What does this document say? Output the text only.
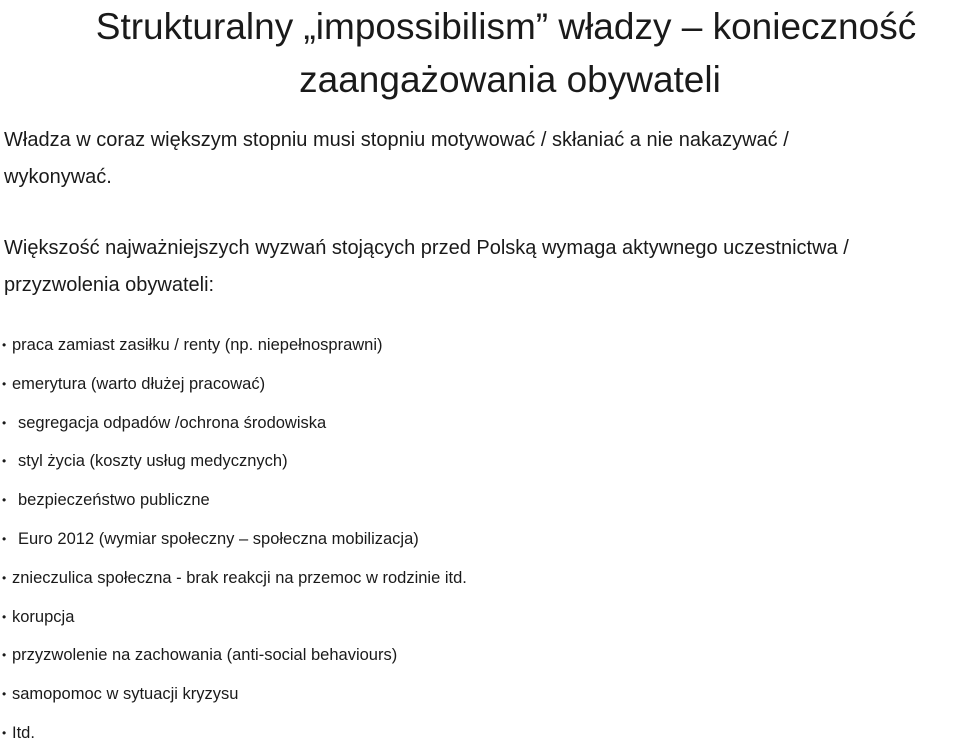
Strukturalny „impossibilism” władzy – konieczność
zaangażowania obywateli

Władza w coraz większym stopniu musi stopniu motywować / skłaniać a nie nakazywać /
wykonywać.

Większość najważniejszych wyzwań stojących przed Polską wymaga aktywnego uczestnictwa /
przyzwolenia obywateli:

• praca zamiast zasiłku / renty (np. niepełnosprawni)
• emerytura (warto dłużej pracować)
• segregacja odpadów /ochrona środowiska
• styl życia (koszty usług medycznych)
• bezpieczeństwo publiczne
• Euro 2012 (wymiar społeczny – społeczna mobilizacja)
• znieczulica społeczna - brak reakcji na przemoc w rodzinie itd.
• korupcja
• przyzwolenie na zachowania (anti-social behaviours)
• samopomoc w sytuacji kryzysu
• Itd.
